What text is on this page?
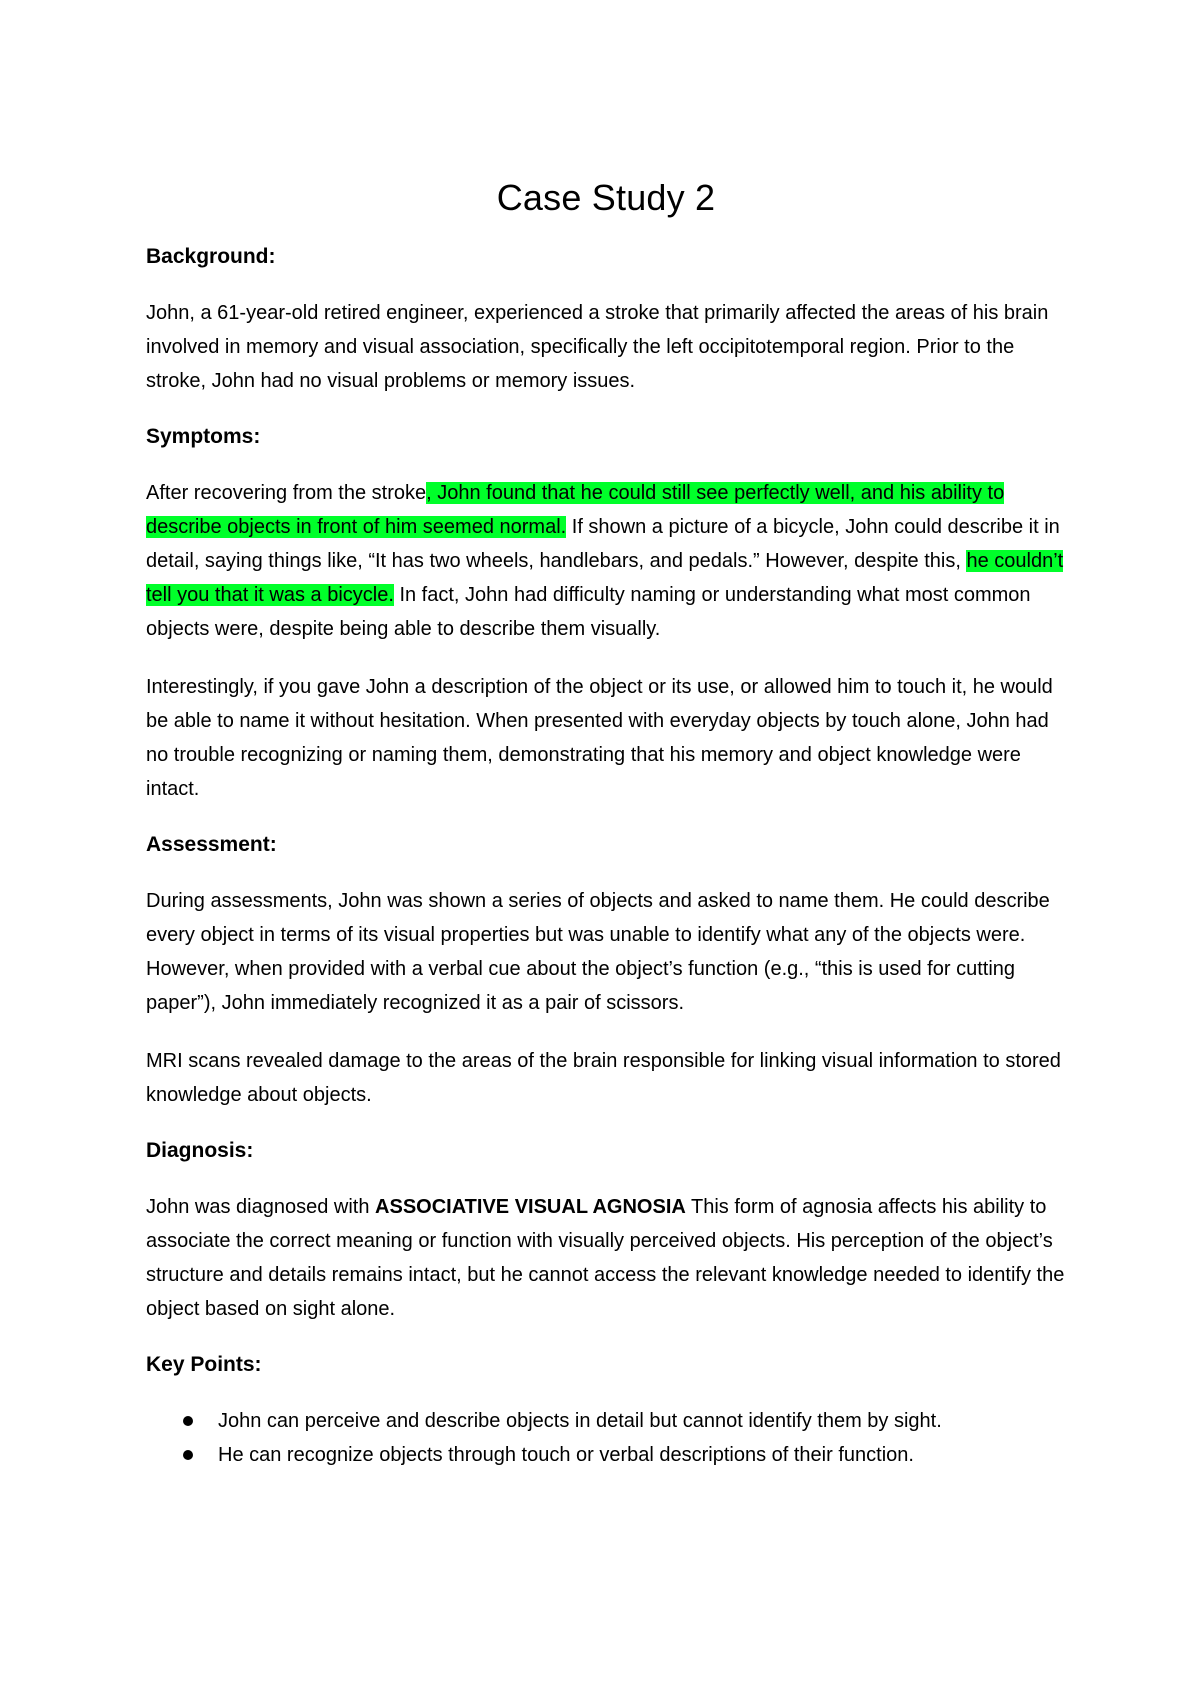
Case Study 2
Background:

John, a 61-year-old retired engineer, experienced a stroke that primarily affected the areas of his brain involved in memory and visual association, specifically the left occipitotemporal region. Prior to the stroke, John had no visual problems or memory issues.

Symptoms:

After recovering from the stroke, John found that he could still see perfectly well, and his ability to describe objects in front of him seemed normal. If shown a picture of a bicycle, John could describe it in detail, saying things like, “It has two wheels, handlebars, and pedals.” However, despite this, he couldn’t tell you that it was a bicycle. In fact, John had difficulty naming or understanding what most common objects were, despite being able to describe them visually.

Interestingly, if you gave John a description of the object or its use, or allowed him to touch it, he would be able to name it without hesitation. When presented with everyday objects by touch alone, John had no trouble recognizing or naming them, demonstrating that his memory and object knowledge were intact.

Assessment:

During assessments, John was shown a series of objects and asked to name them. He could describe every object in terms of its visual properties but was unable to identify what any of the objects were. However, when provided with a verbal cue about the object’s function (e.g., “this is used for cutting paper”), John immediately recognized it as a pair of scissors.

MRI scans revealed damage to the areas of the brain responsible for linking visual information to stored knowledge about objects.

Diagnosis:

John was diagnosed with ASSOCIATIVE VISUAL AGNOSIA This form of agnosia affects his ability to associate the correct meaning or function with visually perceived objects. His perception of the object’s structure and details remains intact, but he cannot access the relevant knowledge needed to identify the object based on sight alone.

Key Points:
John can perceive and describe objects in detail but cannot identify them by sight.
He can recognize objects through touch or verbal descriptions of their function.
